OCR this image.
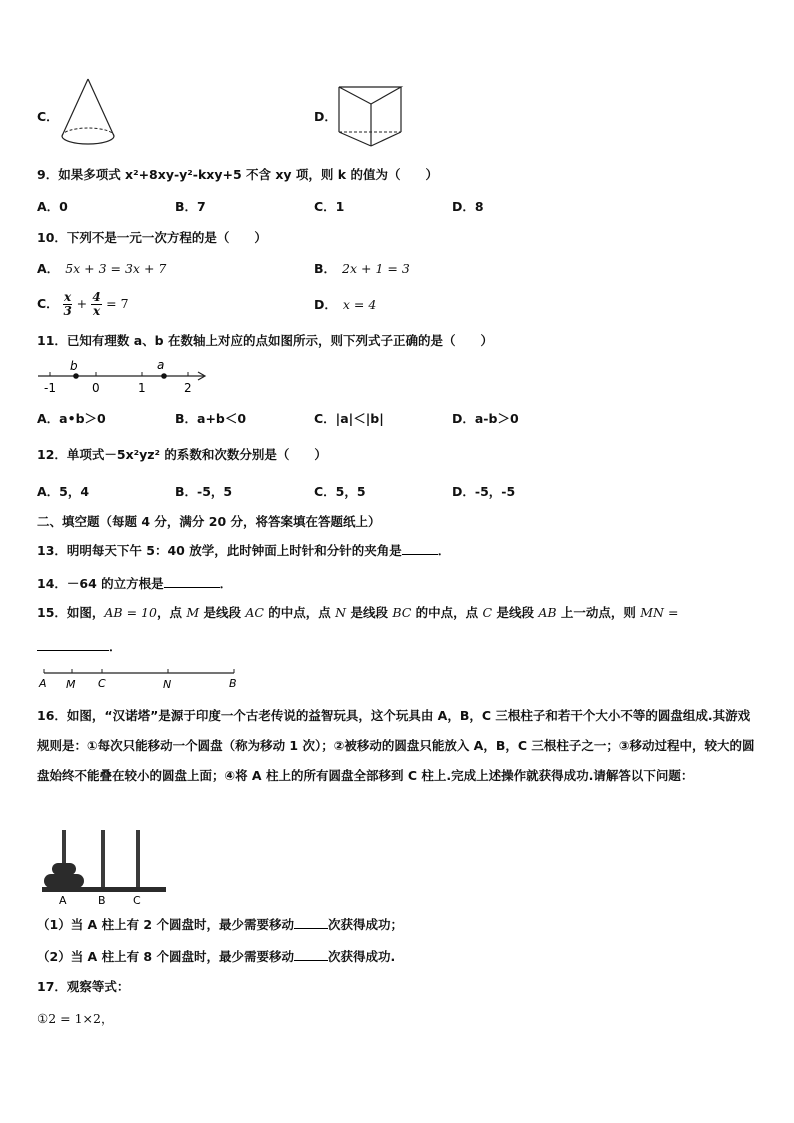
C．	D．
9．如果多项式 x²+8xy-y²-kxy+5 不含 xy 项，则 k 的值为（　　）
A．0	B．7	C．1	D．8
10．下列不是一元一次方程的是（　　）
A． 5x + 3 = 3x + 7	B． 2x + 1 = 3
C． $\frac{x}{3} + \frac{4}{x} = 7$	D． x = 4
11．已知有理数 a、b 在数轴上对应的点如图所示，则下列式子正确的是（　　）
b	a
-1	0	1	2
A．a•b＞0	B．a+b＜0	C．|a|＜|b|	D．a-b＞0
12．单项式－5x²yz² 的系数和次数分别是（　　）
A．5，4	B．-5，5	C．5，5	D．-5，-5
二、填空题（每题 4 分，满分 20 分，将答案填在答题纸上）
13．明明每天下午 5：40 放学，此时钟面上时针和分针的夹角是	．
14．－64 的立方根是	．
15．如图，AB = 10，点 M 是线段 AC 的中点，点 N 是线段 BC 的中点，点 C 是线段 AB 上一动点，则 MN =
．
A M C	N	B
16．如图，“汉诺塔”是源于印度一个古老传说的益智玩具，这个玩具由 A，B，C 三根柱子和若干个大小不等的圆盘组成.其游戏规则是：①每次只能移动一个圆盘（称为移动 1 次）；②被移动的圆盘只能放入 A，B，C 三根柱子之一；③移动过程中，较大的圆盘始终不能叠在较小的圆盘上面；④将 A 柱上的所有圆盘全部移到 C 柱上.完成上述操作就获得成功.请解答以下问题：
A	B C
（1）当 A 柱上有 2 个圆盘时，最少需要移动	次获得成功；
（2）当 A 柱上有 8 个圆盘时，最少需要移动	次获得成功.
17．观察等式：
①2 = 1×2，
